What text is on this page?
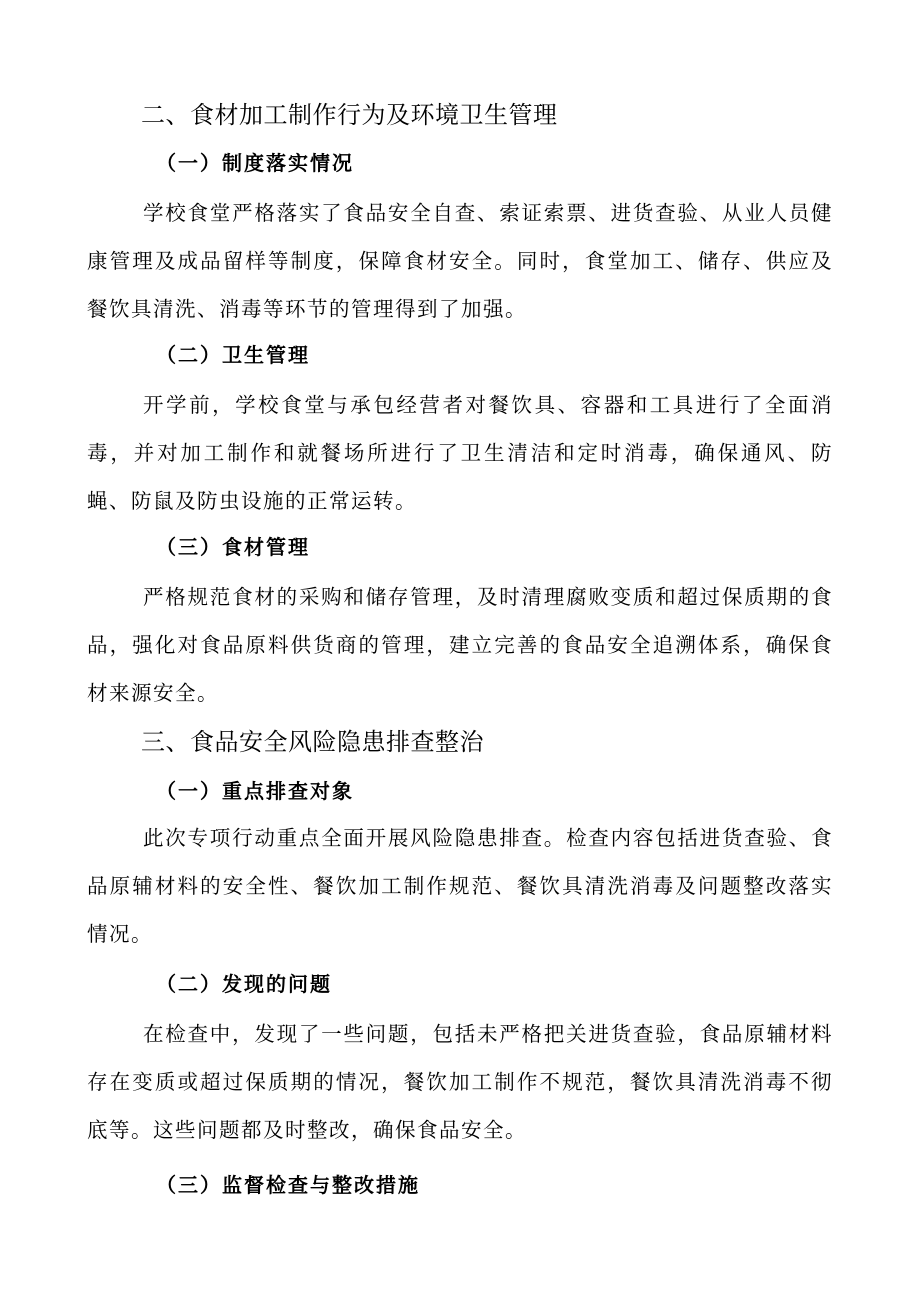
二、食材加工制作行为及环境卫生管理
（一）制度落实情况

学校食堂严格落实了食品安全自查、索证索票、进货查验、从业人员健康管理及成品留样等制度，保障食材安全。同时，食堂加工、储存、供应及餐饮具清洗、消毒等环节的管理得到了加强。

（二）卫生管理

开学前，学校食堂与承包经营者对餐饮具、容器和工具进行了全面消毒，并对加工制作和就餐场所进行了卫生清洁和定时消毒，确保通风、防蝇、防鼠及防虫设施的正常运转。

（三）食材管理

严格规范食材的采购和储存管理，及时清理腐败变质和超过保质期的食品，强化对食品原料供货商的管理，建立完善的食品安全追溯体系，确保食材来源安全。

三、食品安全风险隐患排查整治
（一）重点排查对象

此次专项行动重点全面开展风险隐患排查。检查内容包括进货查验、食品原辅材料的安全性、餐饮加工制作规范、餐饮具清洗消毒及问题整改落实情况。

（二）发现的问题

在检查中，发现了一些问题，包括未严格把关进货查验，食品原辅材料存在变质或超过保质期的情况，餐饮加工制作不规范，餐饮具清洗消毒不彻底等。这些问题都及时整改，确保食品安全。

（三）监督检查与整改措施
